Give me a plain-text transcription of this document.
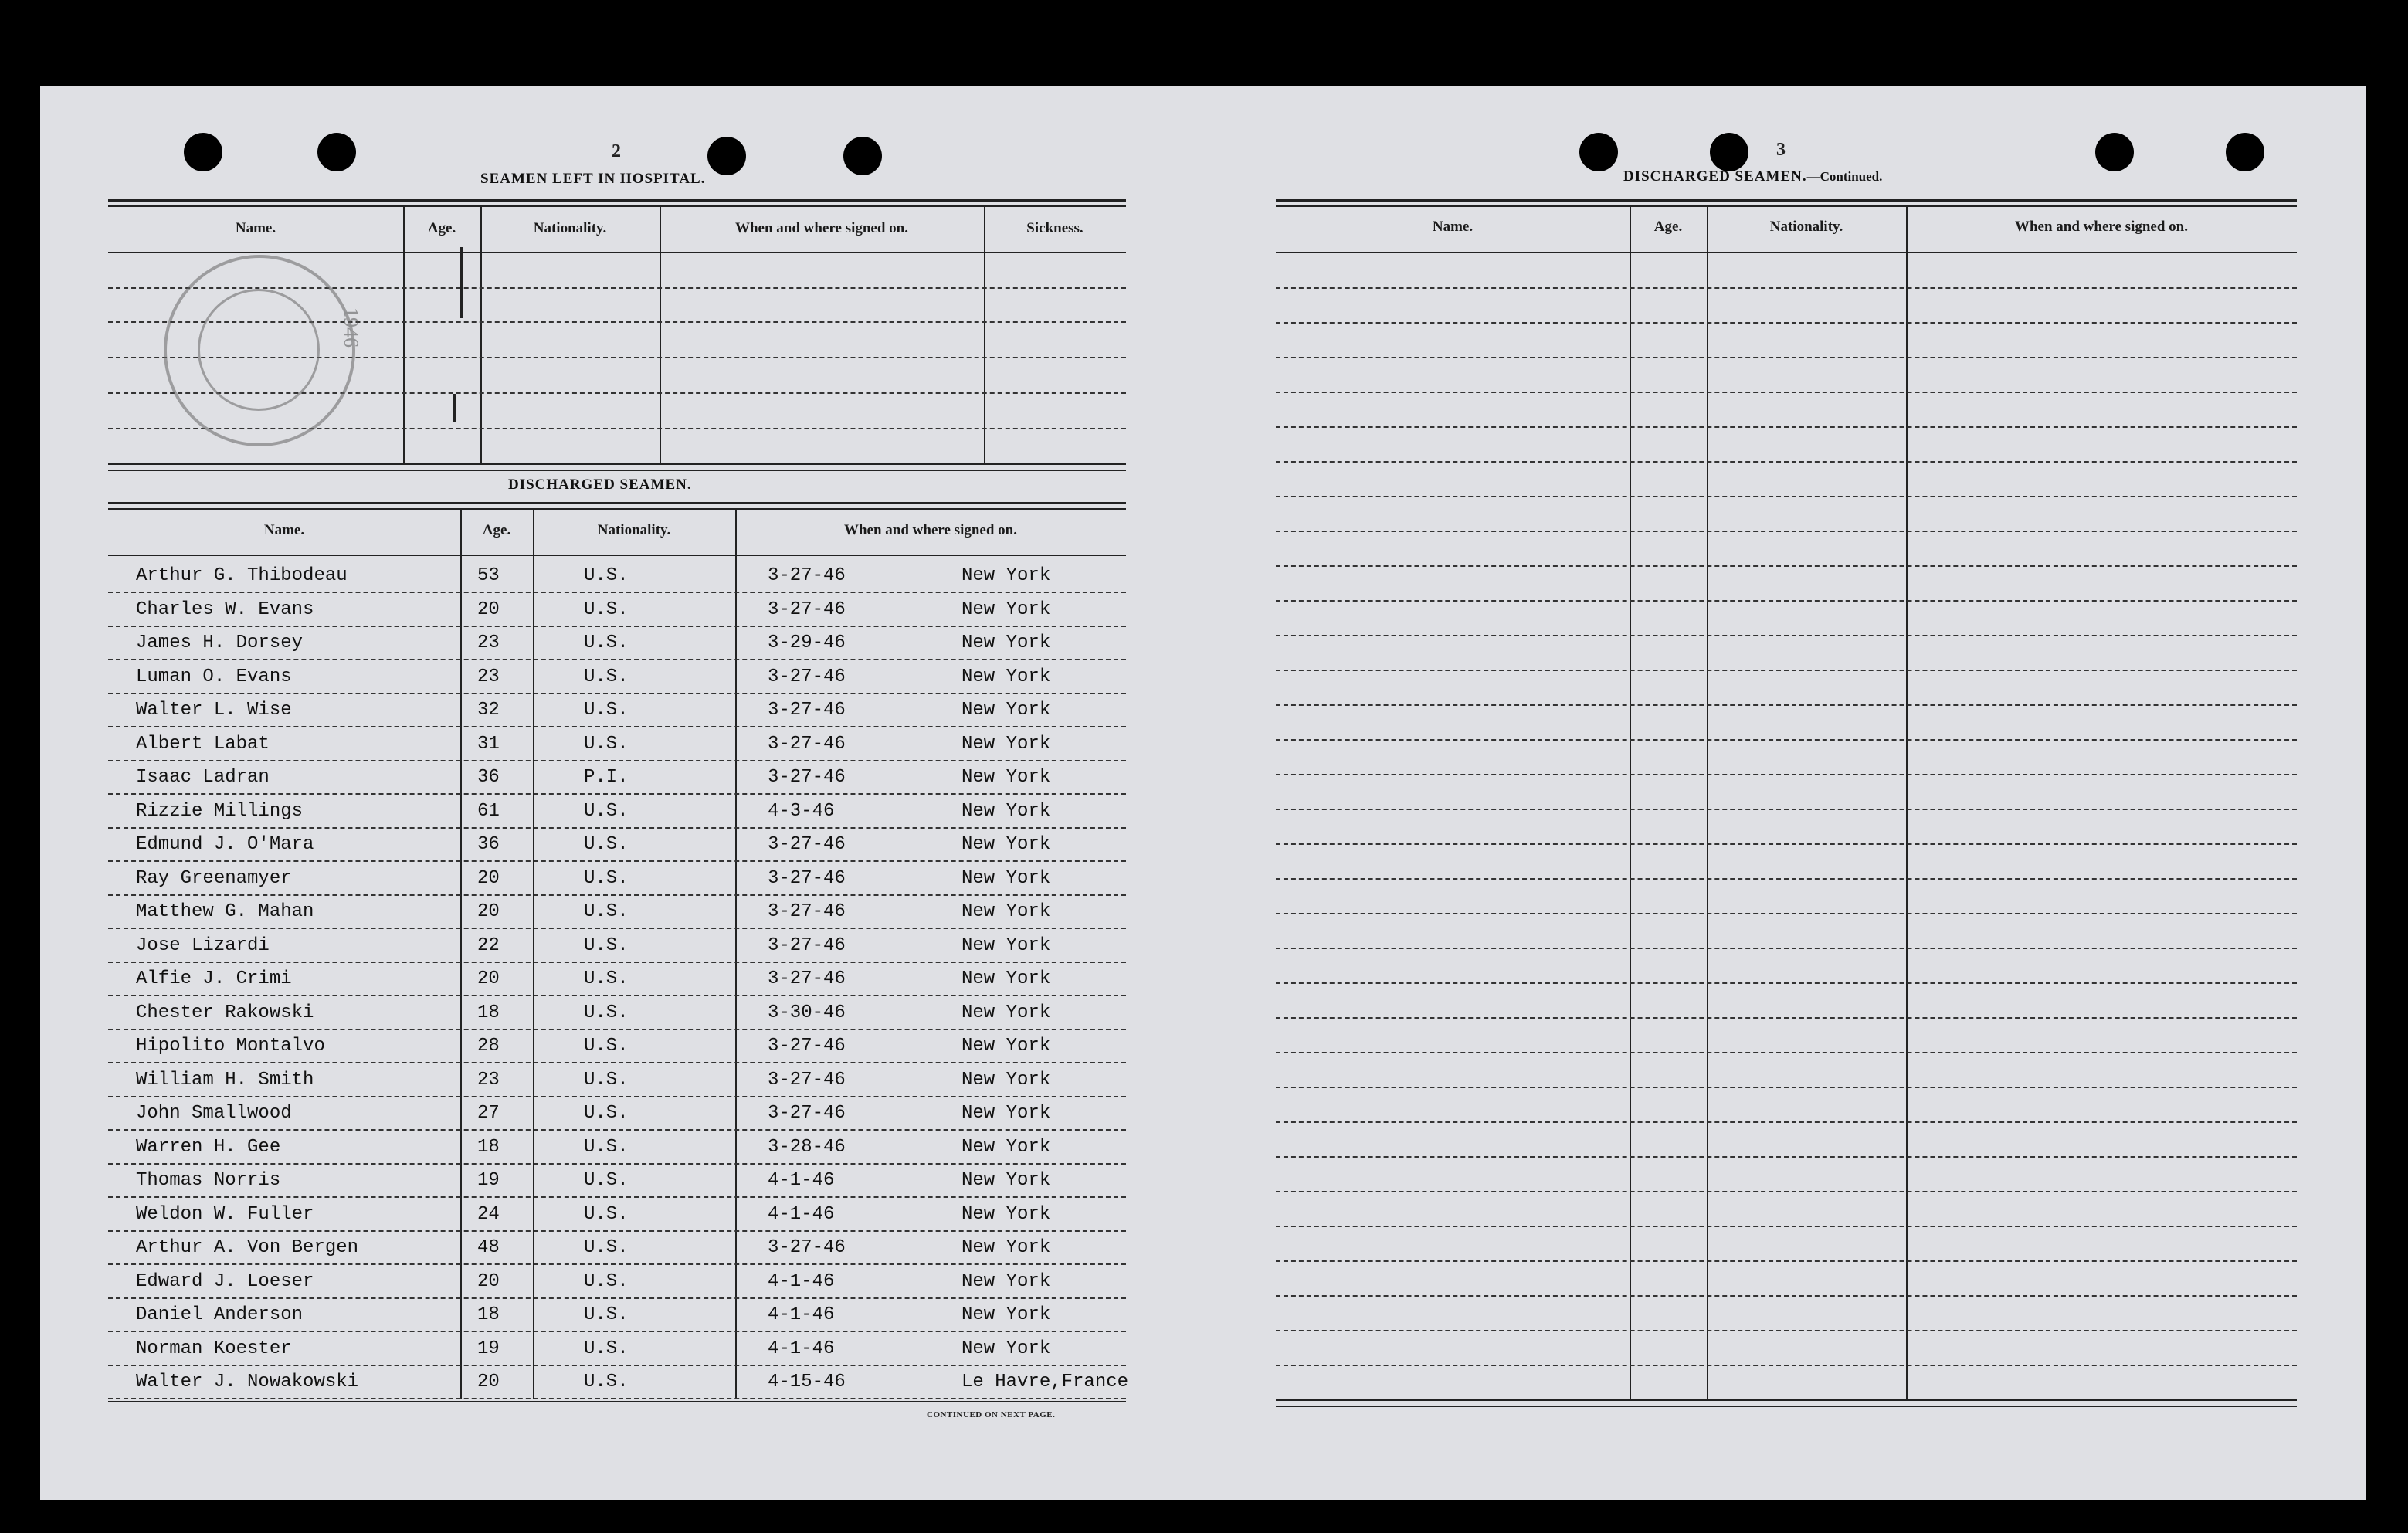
2
SEAMEN LEFT IN HOSPITAL.
Name.	Age.	Nationality.	When and where signed on.	Sickness.
1946
DISCHARGED SEAMEN.
Name.	Age.	Nationality.	When and where signed on.
Arthur G. Thibodeau	53	U.S.	3-27-46	New York
Charles W. Evans	20	U.S.	3-27-46	New York
James H. Dorsey	23	U.S.	3-29-46	New York
Luman O. Evans	23	U.S.	3-27-46	New York
Walter L. Wise	32	U.S.	3-27-46	New York
Albert Labat	31	U.S.	3-27-46	New York
Isaac Ladran	36	P.I.	3-27-46	New York
Rizzie Millings	61	U.S.	4-3-46	New York
Edmund J. O'Mara	36	U.S.	3-27-46	New York
Ray Greenamyer	20	U.S.	3-27-46	New York
Matthew G. Mahan	20	U.S.	3-27-46	New York
Jose Lizardi	22	U.S.	3-27-46	New York
Alfie J. Crimi	20	U.S.	3-27-46	New York
Chester Rakowski	18	U.S.	3-30-46	New York
Hipolito Montalvo	28	U.S.	3-27-46	New York
William H. Smith	23	U.S.	3-27-46	New York
John Smallwood	27	U.S.	3-27-46	New York
Warren H. Gee	18	U.S.	3-28-46	New York
Thomas Norris	19	U.S.	4-1-46	New York
Weldon W. Fuller	24	U.S.	4-1-46	New York
Arthur A. Von Bergen	48	U.S.	3-27-46	New York
Edward J. Loeser	20	U.S.	4-1-46	New York
Daniel Anderson	18	U.S.	4-1-46	New York
Norman Koester	19	U.S.	4-1-46	New York
Walter J. Nowakowski	20	U.S.	4-15-46	Le Havre,France
CONTINUED ON NEXT PAGE.
3
DISCHARGED SEAMEN.—Continued.
Name.	Age.	Nationality.	When and where signed on.
